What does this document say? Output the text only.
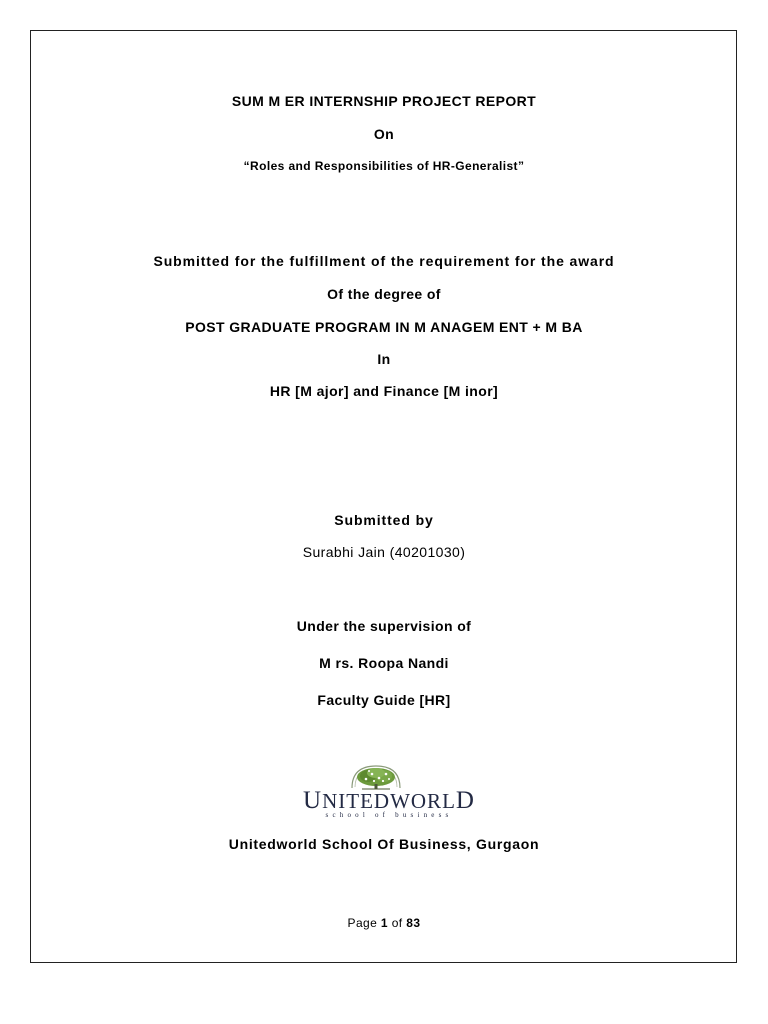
SUM M ER INTERNSHIP PROJECT REPORT
On
“Roles and Responsibilities of HR-Generalist”
Submitted for the fulfillment of the requirement for the award
Of the degree of
POST GRADUATE PROGRAM IN M ANAGEM ENT + M BA
In
HR [M ajor] and Finance [M inor]
Submitted by
Surabhi Jain (40201030)
Under the supervision of
M rs. Roopa Nandi
Faculty Guide [HR]
UNITEDWORLD
school of business
Unitedworld School Of Business, Gurgaon
Page 1 of 83
